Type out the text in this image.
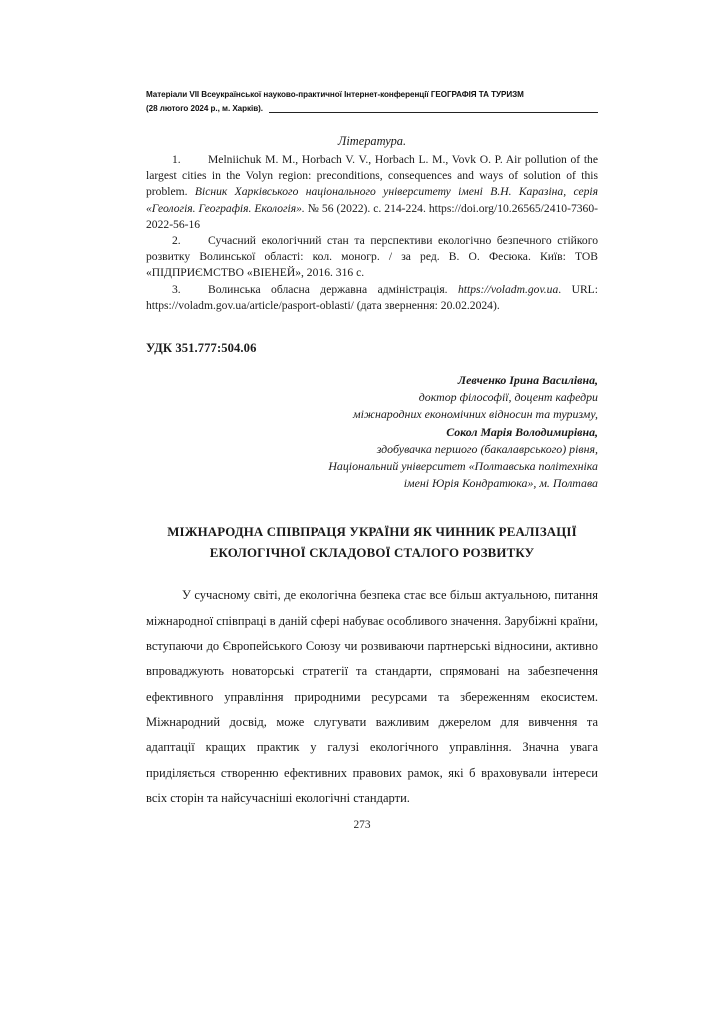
Матеріали VII Всеукраїнської науково-практичної Інтернет-конференції ГЕОГРАФІЯ ТА ТУРИЗМ
(28 лютого 2024 р., м. Харків).
Література.

1. Melniichuk M. M., Horbach V. V., Horbach L. M., Vovk O. P. Air pollution of the largest cities in the Volyn region: preconditions, consequences and ways of solution of this problem. Вісник Харківського національного університету імені В.Н. Каразіна, серія «Геологія. Географія. Екологія». № 56 (2022). с. 214-224. https://doi.org/10.26565/2410-7360-2022-56-16

2. Сучасний екологічний стан та перспективи екологічно безпечного стійкого розвитку Волинської області: кол. моногр. / за ред. В. О. Фесюка. Київ: ТОВ «ПІДПРИЄМСТВО «ВІЕНЕЙ», 2016. 316 с.

3. Волинська обласна державна адміністрація. https://voladm.gov.ua. URL: https://voladm.gov.ua/article/pasport-oblasti/ (дата звернення: 20.02.2024).

УДК 351.777:504.06
Левченко Ірина Василівна,
доктор філософії, доцент кафедри
міжнародних економічних відносин та туризму,
Сокол Марія Володимирівна,
здобувачка першого (бакалаврського) рівня,
Національний університет «Полтавська політехніка
імені Юрія Кондратюка», м. Полтава
МІЖНАРОДНА СПІВПРАЦЯ УКРАЇНИ ЯК ЧИННИК РЕАЛІЗАЦІЇ
ЕКОЛОГІЧНОЇ СКЛАДОВОЇ СТАЛОГО РОЗВИТКУ

У сучасному світі, де екологічна безпека стає все більш актуальною, питання міжнародної співпраці в даній сфері набуває особливого значення. Зарубіжні країни, вступаючи до Європейського Союзу чи розвиваючи партнерські відносини, активно впроваджують новаторські стратегії та стандарти, спрямовані на забезпечення ефективного управління природними ресурсами та збереженням екосистем. Міжнародний досвід, може слугувати важливим джерелом для вивчення та адаптації кращих практик у галузі екологічного управління. Значна увага приділяється створенню ефективних правових рамок, які б враховували інтереси всіх сторін та найсучасніші екологічні стандарти.

273
